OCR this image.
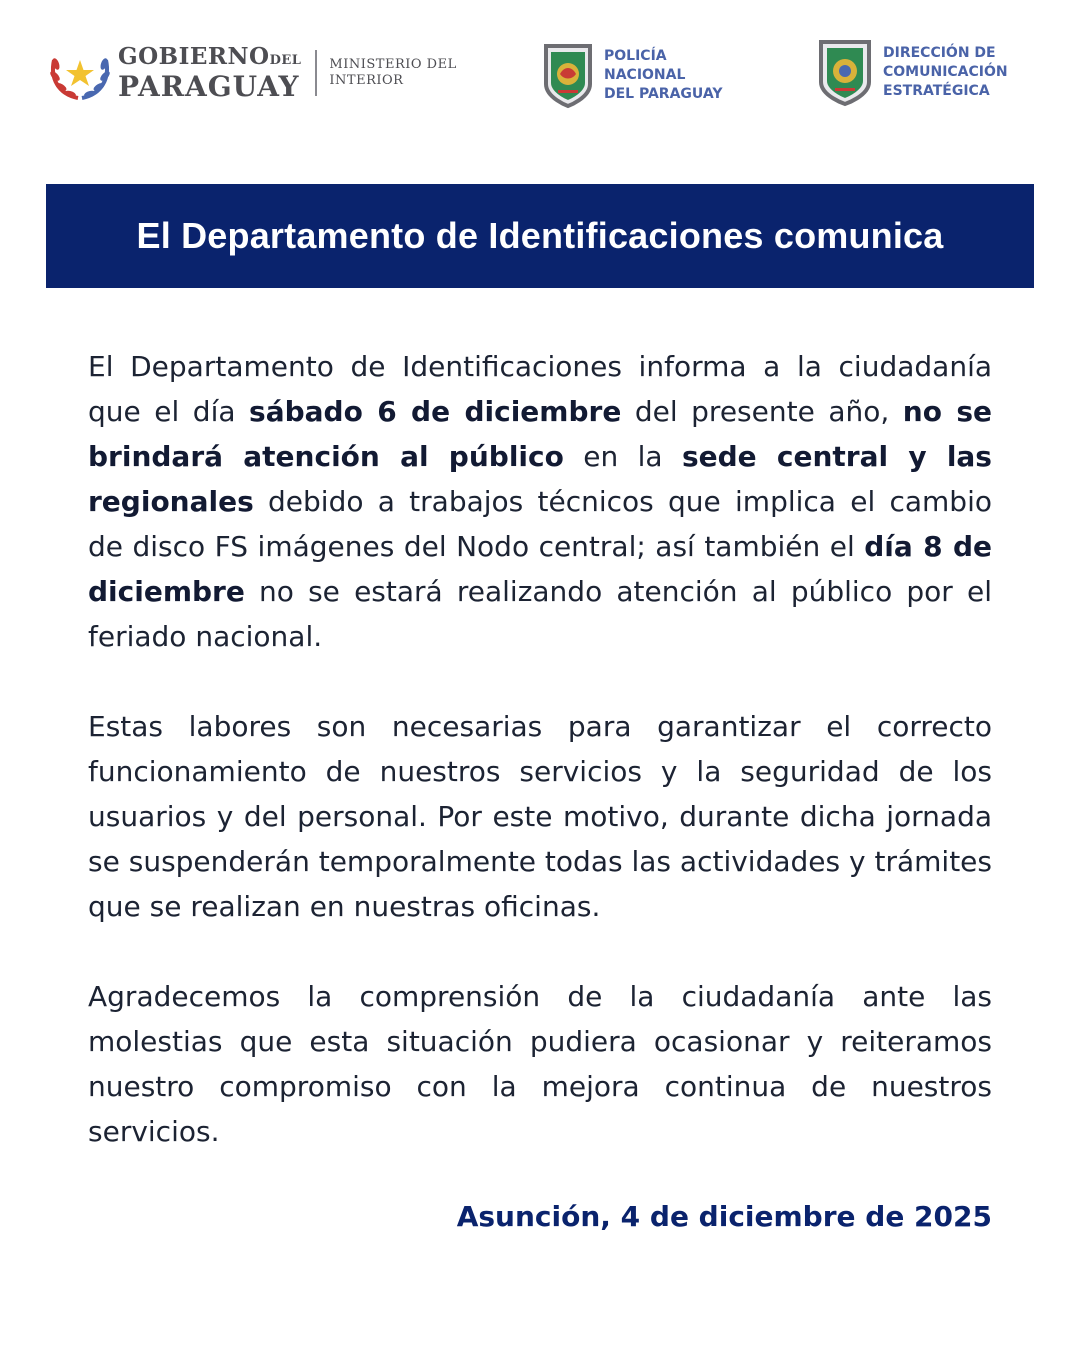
GOBIERNODEL
PARAGUAY
MINISTERIO DEL
INTERIOR
POLICÍA
NACIONAL
DEL PARAGUAY
DIRECCIÓN DE
COMUNICACIÓN
ESTRATÉGICA
El Departamento de Identificaciones comunica

El Departamento de Identificaciones informa a la ciudadanía que el día sábado 6 de diciembre del presente año, no se brindará atención al público en la sede central y las regionales debido a trabajos técnicos que implica el cambio de disco FS imágenes del Nodo central; así también el día 8 de diciembre no se estará realizando atención al público por el feriado nacional.

Estas labores son necesarias para garantizar el correcto funcionamiento de nuestros servicios y la seguridad de los usuarios y del personal. Por este motivo, durante dicha jornada se suspenderán temporalmente todas las actividades y trámites que se realizan en nuestras oficinas.

Agradecemos la comprensión de la ciudadanía ante las molestias que esta situación pudiera ocasionar y reiteramos nuestro compromiso con la mejora continua de nuestros servicios.

Asunción, 4 de diciembre de 2025
